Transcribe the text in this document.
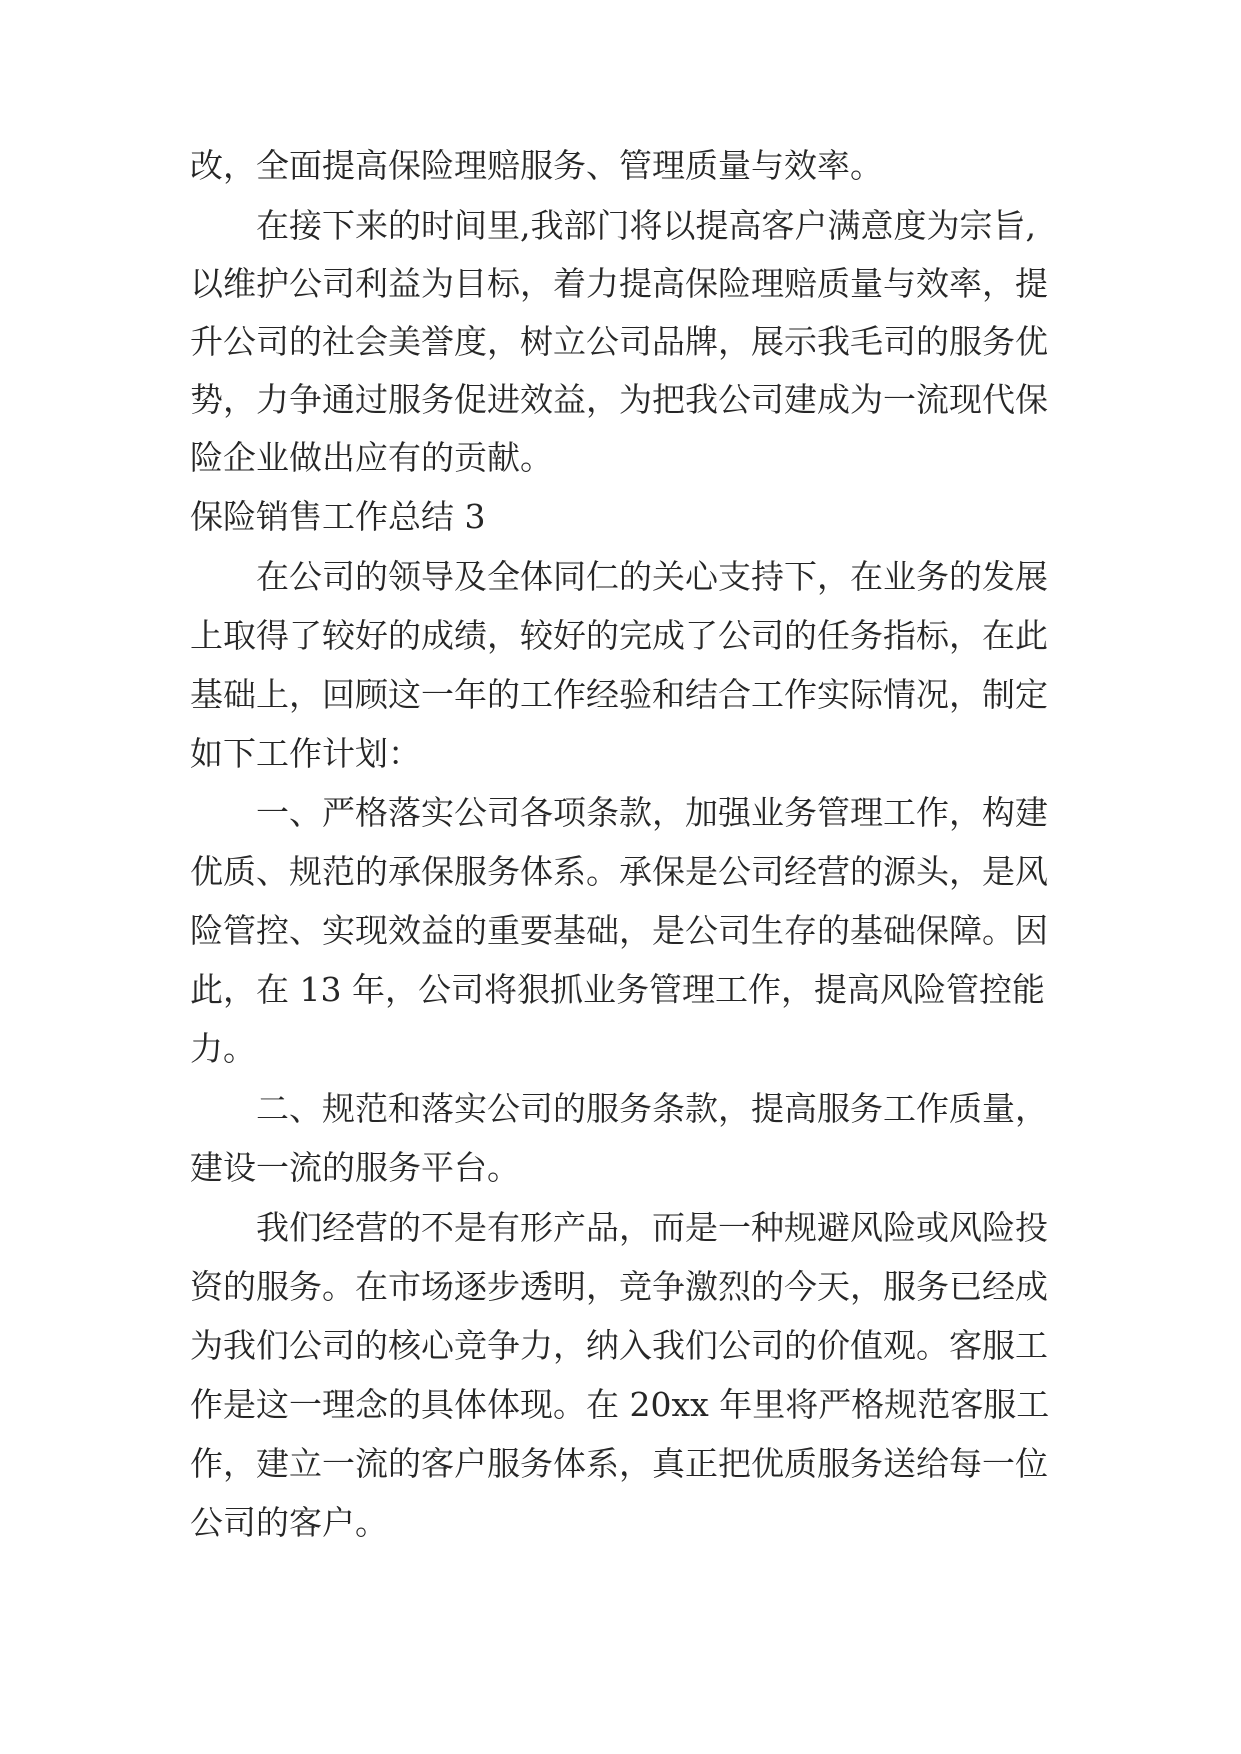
改，全面提高保险理赔服务、管理质量与效率。
在接下来的时间里,我部门将以提高客户满意度为宗旨,
以维护公司利益为目标，着力提高保险理赔质量与效率，提
升公司的社会美誉度，树立公司品牌，展示我毛司的服务优
势，力争通过服务促进效益，为把我公司建成为一流现代保
险企业做出应有的贡献。
保险销售工作总结 3
在公司的领导及全体同仁的关心支持下，在业务的发展
上取得了较好的成绩，较好的完成了公司的任务指标，在此
基础上，回顾这一年的工作经验和结合工作实际情况，制定
如下工作计划：
一、严格落实公司各项条款，加强业务管理工作，构建
优质、规范的承保服务体系。承保是公司经营的源头，是风
险管控、实现效益的重要基础，是公司生存的基础保障。因
此，在 13 年，公司将狠抓业务管理工作，提高风险管控能
力。
二、规范和落实公司的服务条款，提高服务工作质量，
建设一流的服务平台。
我们经营的不是有形产品，而是一种规避风险或风险投
资的服务。在市场逐步透明，竞争激烈的今天，服务已经成
为我们公司的核心竞争力，纳入我们公司的价值观。客服工
作是这一理念的具体体现。在 20xx 年里将严格规范客服工
作，建立一流的客户服务体系，真正把优质服务送给每一位
公司的客户。
